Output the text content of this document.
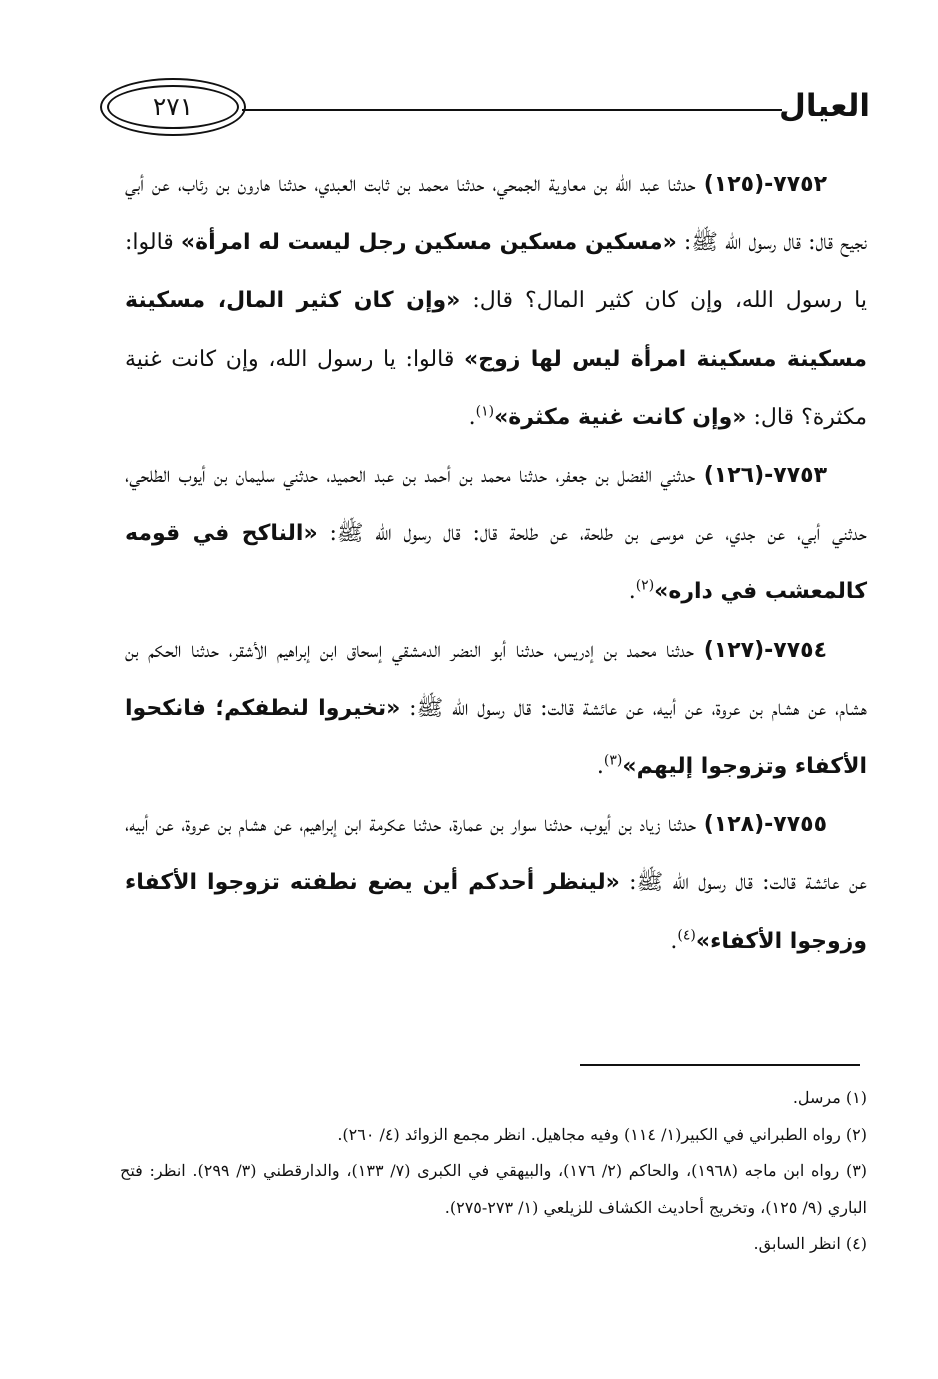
العيال
٢٧١

٧٧٥٢-(١٢٥) حدثنا عبد الله بن معاوية الجمحي، حدثنا محمد بن ثابت العبدي، حدثنا هارون بن رئاب، عن أبي نجيح قال: قال رسول الله ﷺ: «مسكين مسكين مسكين رجل ليست له امرأة» قالوا: يا رسول الله، وإن كان كثير المال؟ قال: «وإن كان كثير المال، مسكينة مسكينة مسكينة امرأة ليس لها زوج» قالوا: يا رسول الله، وإن كانت غنية مكثرة؟ قال: «وإن كانت غنية مكثرة»$^{(١)}$.

٧٧٥٣-(١٢٦) حدثني الفضل بن جعفر، حدثنا محمد بن أحمد بن عبد الحميد، حدثني سليمان بن أيوب الطلحي، حدثني أبي، عن جدي، عن موسى بن طلحة، عن طلحة قال: قال رسول الله ﷺ: «الناكح في قومه كالمعشب في داره»$^{(٢)}$.

٧٧٥٤-(١٢٧) حدثنا محمد بن إدريس، حدثنا أبو النضر الدمشقي إسحاق ابن إبراهيم الأشقر، حدثنا الحكم بن هشام، عن هشام بن عروة، عن أبيه، عن عائشة قالت: قال رسول الله ﷺ: «تخيروا لنطفكم؛ فانكحوا الأكفاء وتزوجوا إليهم»$^{(٣)}$.

٧٧٥٥-(١٢٨) حدثنا زياد بن أيوب، حدثنا سوار بن عمارة، حدثنا عكرمة ابن إبراهيم، عن هشام بن عروة، عن أبيه، عن عائشة قالت: قال رسول الله ﷺ: «لينظر أحدكم أين يضع نطفته تزوجوا الأكفاء وزوجوا الأكفاء»$^{(٤)}$.

(١) مرسل.

(٢) رواه الطبراني في الكبير(١/ ١١٤) وفيه مجاهيل. انظر مجمع الزوائد (٤/ ٢٦٠).

(٣) رواه ابن ماجه (١٩٦٨)، والحاكم (٢/ ١٧٦)، والبيهقي في الكبرى (٧/ ١٣٣)، والدارقطني (٣/ ٢٩٩). انظر: فتح الباري (٩/ ١٢٥)، وتخريج أحاديث الكشاف للزيلعي (١/ ٢٧٣-٢٧٥).

(٤) انظر السابق.
